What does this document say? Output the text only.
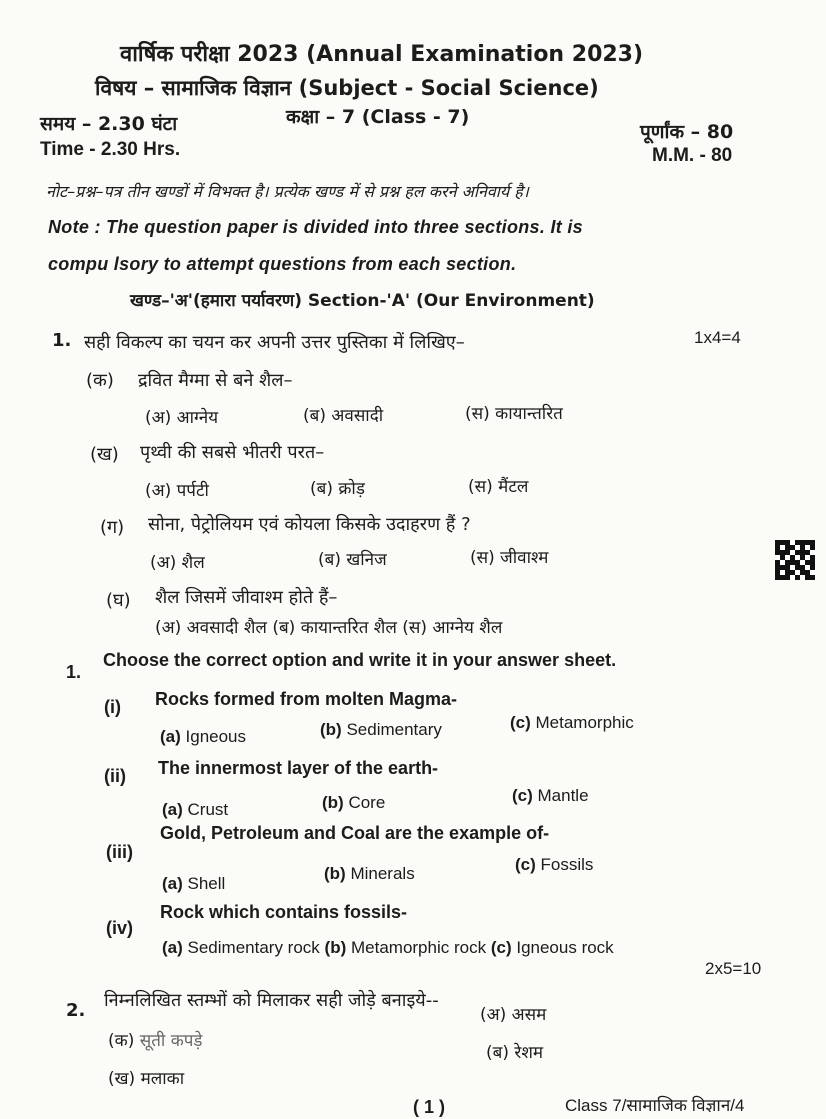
वार्षिक परीक्षा 2023 (Annual Examination 2023)
विषय – सामाजिक विज्ञान (Subject - Social Science)
समय – 2.30 घंटा	कक्षा – 7 (Class - 7)
पूर्णांक – 80
Time - 2.30 Hrs.	M.M. - 80
नोट–प्रश्न–पत्र तीन खण्डों में विभक्त है। प्रत्येक खण्ड में से प्रश्न हल करने अनिवार्य है।
Note : The question paper is divided into three sections. It is
compu lsory to attempt questions from each section.
खण्ड–'अ'(हमारा पर्यावरण) Section-'A' (Our Environment)
1. सही विकल्प का चयन कर अपनी उत्तर पुस्तिका में लिखिए–	1x4=4
(क) द्रवित मैग्मा से बने शैल–
(अ) आग्नेय	(ब) अवसादी	(स) कायान्तरित
(ख) पृथ्वी की सबसे भीतरी परत–
(अ) पर्पटी	(ब) क्रोड़	(स) मैंटल
(ग) सोना, पेट्रोलियम एवं कोयला किसके उदाहरण हैं ?
(अ) शैल	(ब) खनिज	(स) जीवाश्म
(घ) शैल जिसमें जीवाश्म होते हैं–
(अ) अवसादी शैल (ब) कायान्तरित शैल (स) आग्नेय शैल
1.
Choose the correct option and write it in your answer sheet.
(i) Rocks formed from molten Magma-
(a) Igneous	(b) Sedimentary	(c) Metamorphic
(ii) The innermost layer of the earth-
(a) Crust	(b) Core	(c) Mantle
(iii)
Gold, Petroleum and Coal are the example of-
(a) Shell
(b) Minerals	(c) Fossils
(iv)
Rock which contains fossils-
(a) Sedimentary rock (b) Metamorphic rock (c) Igneous rock
2. निम्नलिखित स्तम्भों को मिलाकर सही जोड़े बनाइये--
2x5=10
(अ) असम
(ब) रेशम
(क) सूती कपड़े
(ख) मलाका
( 1 )	Class 7/सामाजिक विज्ञान/4
